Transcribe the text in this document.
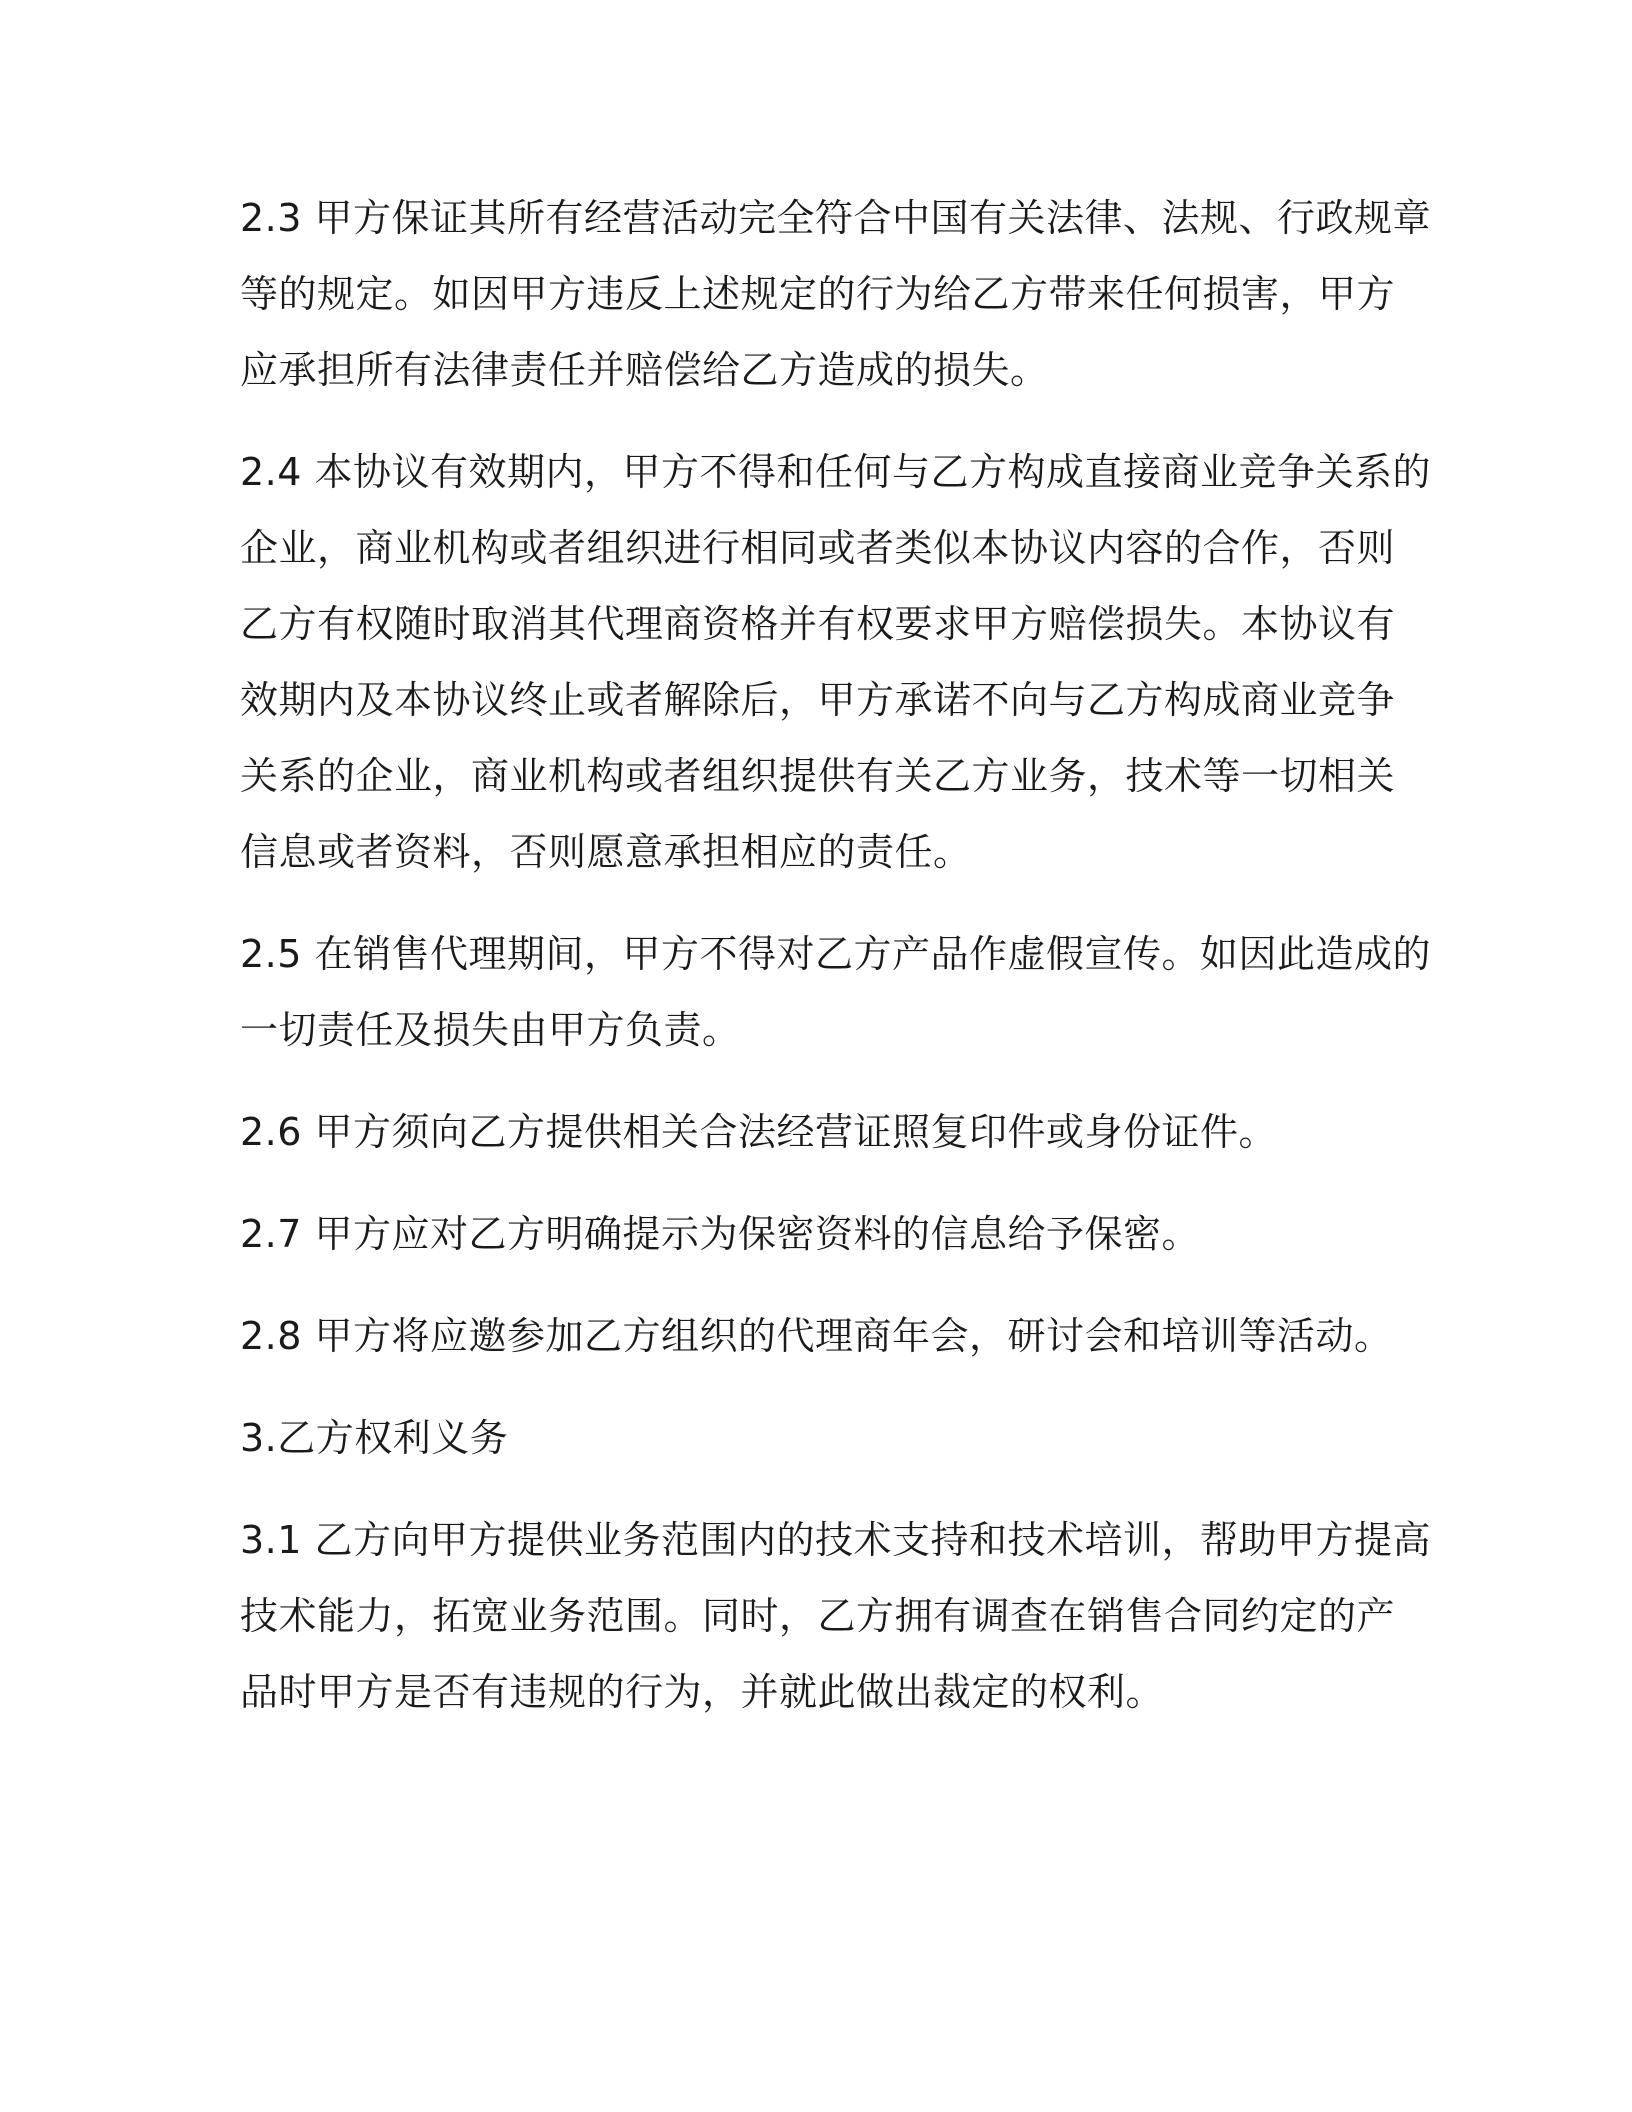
2.3 甲方保证其所有经营活动完全符合中国有关法律、法规、行政规章
等的规定。如因甲方违反上述规定的行为给乙方带来任何损害，甲方
应承担所有法律责任并赔偿给乙方造成的损失。

2.4 本协议有效期内，甲方不得和任何与乙方构成直接商业竞争关系的
企业，商业机构或者组织进行相同或者类似本协议内容的合作，否则
乙方有权随时取消其代理商资格并有权要求甲方赔偿损失。本协议有
效期内及本协议终止或者解除后，甲方承诺不向与乙方构成商业竞争
关系的企业，商业机构或者组织提供有关乙方业务，技术等一切相关
信息或者资料，否则愿意承担相应的责任。

2.5 在销售代理期间，甲方不得对乙方产品作虚假宣传。如因此造成的
一切责任及损失由甲方负责。

2.6 甲方须向乙方提供相关合法经营证照复印件或身份证件。

2.7 甲方应对乙方明确提示为保密资料的信息给予保密。

2.8 甲方将应邀参加乙方组织的代理商年会，研讨会和培训等活动。

3.乙方权利义务

3.1 乙方向甲方提供业务范围内的技术支持和技术培训，帮助甲方提高
技术能力，拓宽业务范围。同时，乙方拥有调查在销售合同约定的产
品时甲方是否有违规的行为，并就此做出裁定的权利。
